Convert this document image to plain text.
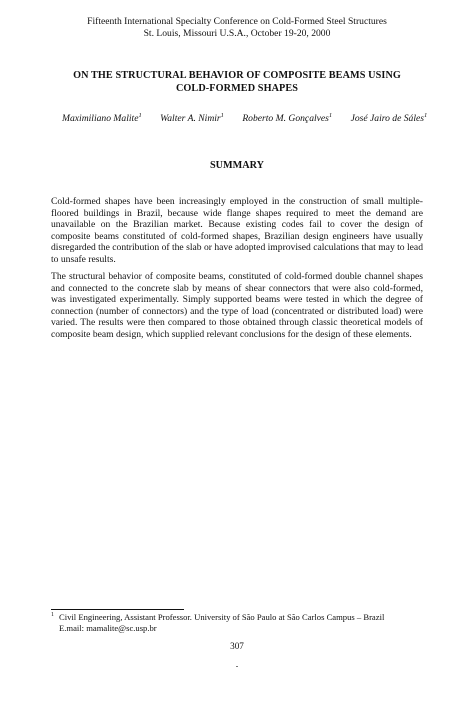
Fifteenth International Specialty Conference on Cold-Formed Steel Structures
St. Louis, Missouri U.S.A., October 19-20, 2000
ON THE STRUCTURAL BEHAVIOR OF COMPOSITE BEAMS USING
COLD-FORMED SHAPES
Maximiliano Malite$^1$ Walter A. Nimir$^1$ Roberto M. Gonçalves$^1$ José Jairo de Sáles$^1$
SUMMARY

Cold-formed shapes have been increasingly employed in the construction of small multiple-floored buildings in Brazil, because wide flange shapes required to meet the demand are unavailable on the Brazilian market. Because existing codes fail to cover the design of composite beams constituted of cold-formed shapes, Brazilian design engineers have usually disregarded the contribution of the slab or have adopted improvised calculations that may to lead to unsafe results.

The structural behavior of composite beams, constituted of cold-formed double channel shapes and connected to the concrete slab by means of shear connectors that were also cold-formed, was investigated experimentally. Simply supported beams were tested in which the degree of connection (number of connectors) and the type of load (concentrated or distributed load) were varied. The results were then compared to those obtained through classic theoretical models of composite beam design, which supplied relevant conclusions for the design of these elements.

$^1$ Civil Engineering, Assistant Professor. University of São Paulo at São Carlos Campus – Brazil
E.mail: mamalite@sc.usp.br
307
